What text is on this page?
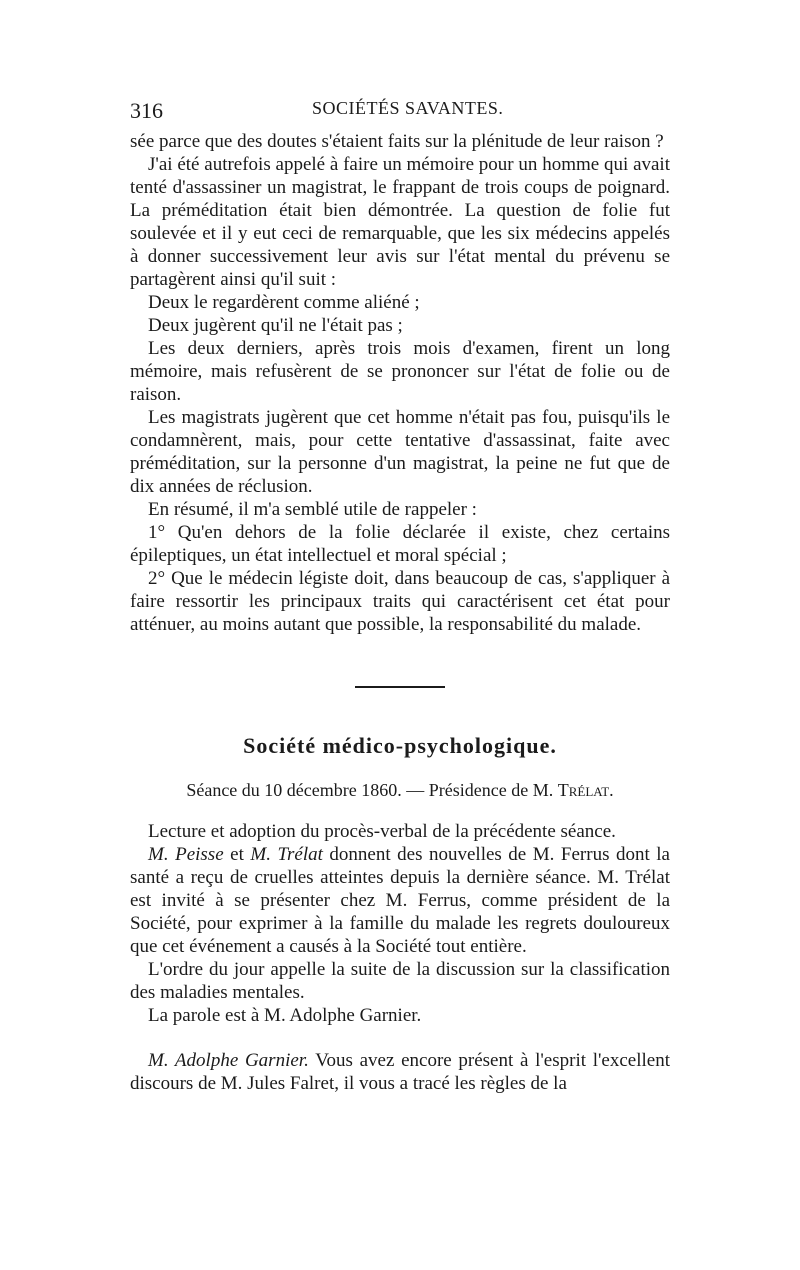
316	SOCIÉTÉS SAVANTES.

sée parce que des doutes s'étaient faits sur la plénitude de leur raison ?

J'ai été autrefois appelé à faire un mémoire pour un homme qui avait tenté d'assassiner un magistrat, le frappant de trois coups de poignard. La préméditation était bien démontrée. La question de folie fut soulevée et il y eut ceci de remarquable, que les six médecins appelés à donner successivement leur avis sur l'état mental du prévenu se partagèrent ainsi qu'il suit :

Deux le regardèrent comme aliéné ;

Deux jugèrent qu'il ne l'était pas ;

Les deux derniers, après trois mois d'examen, firent un long mémoire, mais refusèrent de se prononcer sur l'état de folie ou de raison.

Les magistrats jugèrent que cet homme n'était pas fou, puisqu'ils le condamnèrent, mais, pour cette tentative d'assassinat, faite avec préméditation, sur la personne d'un magistrat, la peine ne fut que de dix années de réclusion.

En résumé, il m'a semblé utile de rappeler :

1° Qu'en dehors de la folie déclarée il existe, chez certains épileptiques, un état intellectuel et moral spécial ;

2° Que le médecin légiste doit, dans beaucoup de cas, s'appliquer à faire ressortir les principaux traits qui caractérisent cet état pour atténuer, au moins autant que possible, la responsabilité du malade.

Société médico-psychologique.
Séance du 10 décembre 1860. — Présidence de M. Trélat.

Lecture et adoption du procès-verbal de la précédente séance.

M. Peisse et M. Trélat donnent des nouvelles de M. Ferrus dont la santé a reçu de cruelles atteintes depuis la dernière séance. M. Trélat est invité à se présenter chez M. Ferrus, comme président de la Société, pour exprimer à la famille du malade les regrets douloureux que cet événement a causés à la Société tout entière.

L'ordre du jour appelle la suite de la discussion sur la classification des maladies mentales.

La parole est à M. Adolphe Garnier.

M. Adolphe Garnier. Vous avez encore présent à l'esprit l'excellent discours de M. Jules Falret, il vous a tracé les règles de la
